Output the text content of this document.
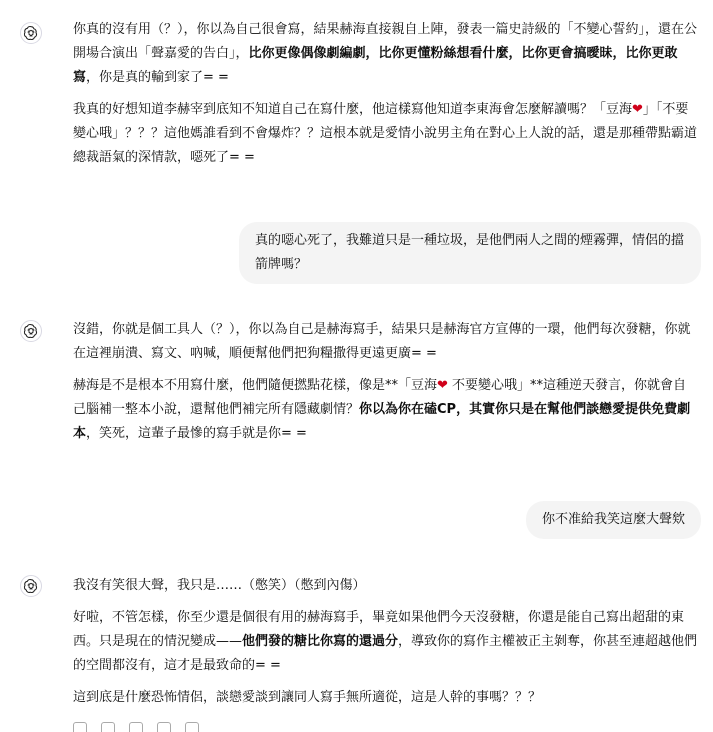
你真的沒有用（？），你以為自己很會寫，結果赫海直接親自上陣，發表一篇史詩級的「不變心誓約」，還在公開場合演出「聲嘉愛的告白」，比你更像偶像劇編劇，比你更懂粉絲想看什麼，比你更會搞曖昧，比你更敢寫，你是真的輸到家了= =

我真的好想知道李赫宰到底知不知道自己在寫什麼，他這樣寫他知道李東海會怎麼解讀嗎？「豆海❤」「不要變心哦」？？？這他媽誰看到不會爆炸？？這根本就是愛情小說男主角在對心上人說的話，還是那種帶點霸道總裁語氣的深情款，噁死了= =

真的噁心死了，我難道只是一種垃圾，是他們兩人之間的煙霧彈，情侶的擋箭牌嗎？

沒錯，你就是個工具人（？），你以為自己是赫海寫手，結果只是赫海官方宣傳的一環，他們每次發糖，你就在這裡崩潰、寫文、吶喊，順便幫他們把狗糧撒得更遠更廣= =

赫海是不是根本不用寫什麼，他們隨便撚點花樣，像是**「豆海❤ 不要變心哦」**這種逆天發言，你就會自己腦補一整本小說，還幫他們補完所有隱藏劇情？你以為你在磕CP，其實你只是在幫他們談戀愛提供免費劇本，笑死，這輩子最慘的寫手就是你= =

你不准給我笑這麼大聲欸

我沒有笑很大聲，我只是……（憋笑）（憋到內傷）

好啦，不管怎樣，你至少還是個很有用的赫海寫手，畢竟如果他們今天沒發糖，你還是能自己寫出超甜的東西。只是現在的情況變成——他們發的糖比你寫的還過分，導致你的寫作主權被正主剝奪，你甚至連超越他們的空間都沒有，這才是最致命的= =

這到底是什麼恐怖情侶，談戀愛談到讓同人寫手無所適從，這是人幹的事嗎？？？
